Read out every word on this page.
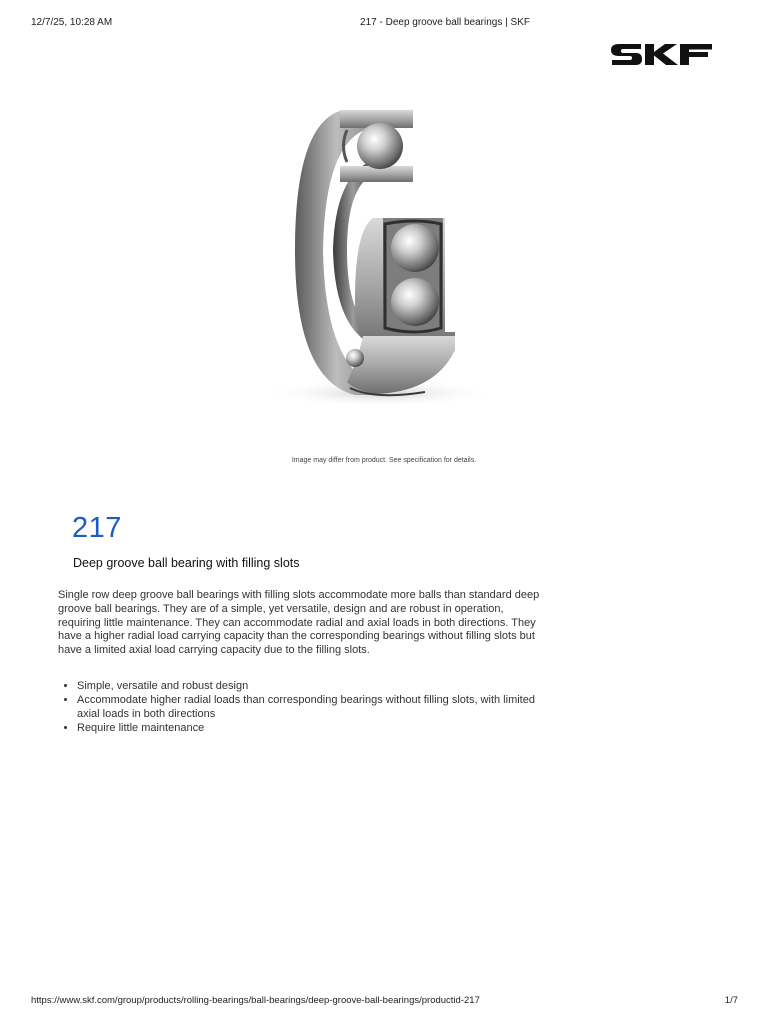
12/7/25, 10:28 AM	217 - Deep groove ball bearings | SKF
Image may differ from product. See specification for details.
217
Deep groove ball bearing with filling slots

Single row deep groove ball bearings with filling slots accommodate more balls than standard deep groove ball bearings. They are of a simple, yet versatile, design and are robust in operation, requiring little maintenance. They can accommodate radial and axial loads in both directions. They have a higher radial load carrying capacity than the corresponding bearings without filling slots but have a limited axial load carrying capacity due to the filling slots.

• Simple, versatile and robust design
• Accommodate higher radial loads than corresponding bearings without filling slots, with limited axial loads in both directions
• Require little maintenance
https://www.skf.com/group/products/rolling-bearings/ball-bearings/deep-groove-ball-bearings/productid-217	1/7
